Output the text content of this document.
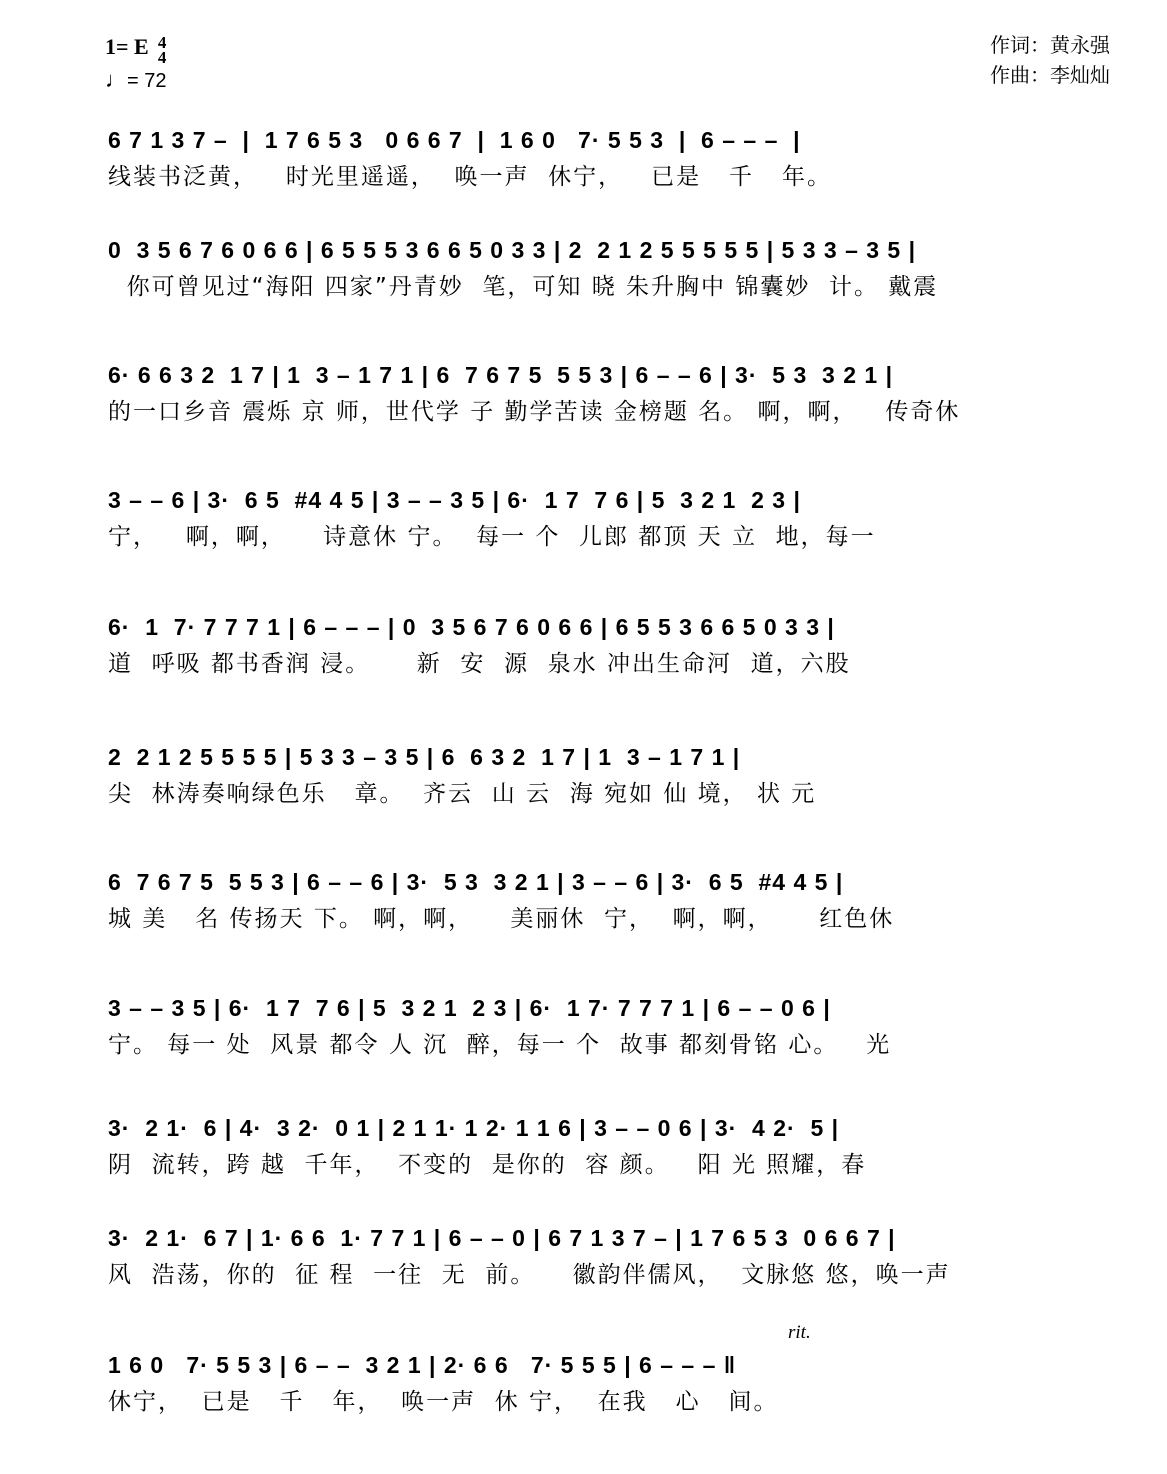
1= E 4
4
♩= 72
作词：黄永强
作曲：李灿灿
6 7 1 3 7 –  |  1 7 6 5 3   0 6 6 7  |  1 6 0   7· 5 5 3  |  6 – – –  |
线装书泛黄，   时光里遥遥，  唤一声  休宁，   已是   千   年。
0  3 5 6 7 6 0 6 6 | 6 5 5 5 3 6 6 5 0 3 3 | 2  2 1 2 5 5 5 5 5 | 5 3 3 – 3 5 |
你可曾见过“海阳 四家”丹青妙  笔，可知 晓 朱升胸中 锦囊妙  计。 戴震
6· 6 6 3 2  1 7 | 1  3 – 1 7 1 | 6  7 6 7 5  5 5 3 | 6 – – 6 | 3·  5 3  3 2 1 |
的一口乡音 震烁 京 师，世代学 子 勤学苦读 金榜题 名。 啊，啊，   传奇休
3 – – 6 | 3·  6 5  #4 4 5 | 3 – – 3 5 | 6·  1 7  7 6 | 5  3 2 1  2 3 |
宁，   啊，啊，    诗意休 宁。  每一 个  儿郎 都顶 天 立  地，每一
6·  1  7· 7 7 7 1 | 6 – – – | 0  3 5 6 7 6 0 6 6 | 6 5 5 3 6 6 5 0 3 3 |
道  呼吸 都书香润 浸。     新  安  源  泉水 冲出生命河  道，六股
2  2 1 2 5 5 5 5 | 5 3 3 – 3 5 | 6  6 3 2  1 7 | 1  3 – 1 7 1 |
尖  林涛奏响绿色乐   章。  齐云  山 云  海 宛如 仙 境， 状 元
6  7 6 7 5  5 5 3 | 6 – – 6 | 3·  5 3  3 2 1 | 3 – – 6 | 3·  6 5  #4 4 5 |
城 美   名 传扬天 下。 啊，啊，    美丽休  宁，  啊，啊，     红色休
3 – – 3 5 | 6·  1 7  7 6 | 5  3 2 1  2 3 | 6·  1 7· 7 7 7 1 | 6 – – 0 6 |
宁。 每一 处  风景 都令 人 沉  醉，每一 个  故事 都刻骨铭 心。   光
3·  2 1·  6 | 4·  3 2·  0 1 | 2 1 1· 1 2· 1 1 6 | 3 – – 0 6 | 3·  4 2·  5 |
阴  流转，跨 越  千年，  不变的  是你的  容 颜。   阳 光 照耀，春
3·  2 1·  6 7 | 1· 6 6  1· 7 7 1 | 6 – – 0 | 6 7 1 3 7 – | 1 7 6 5 3  0 6 6 7 |
风  浩荡，你的  征 程  一往  无  前。    徽韵伴儒风，  文脉悠 悠，唤一声
rit.
1 6 0   7· 5 5 3 | 6 – –  3 2 1 | 2· 6 6   7· 5 5 5 | 6 – – – ‖
休宁，  已是   千   年，  唤一声  休 宁，  在我   心   间。
